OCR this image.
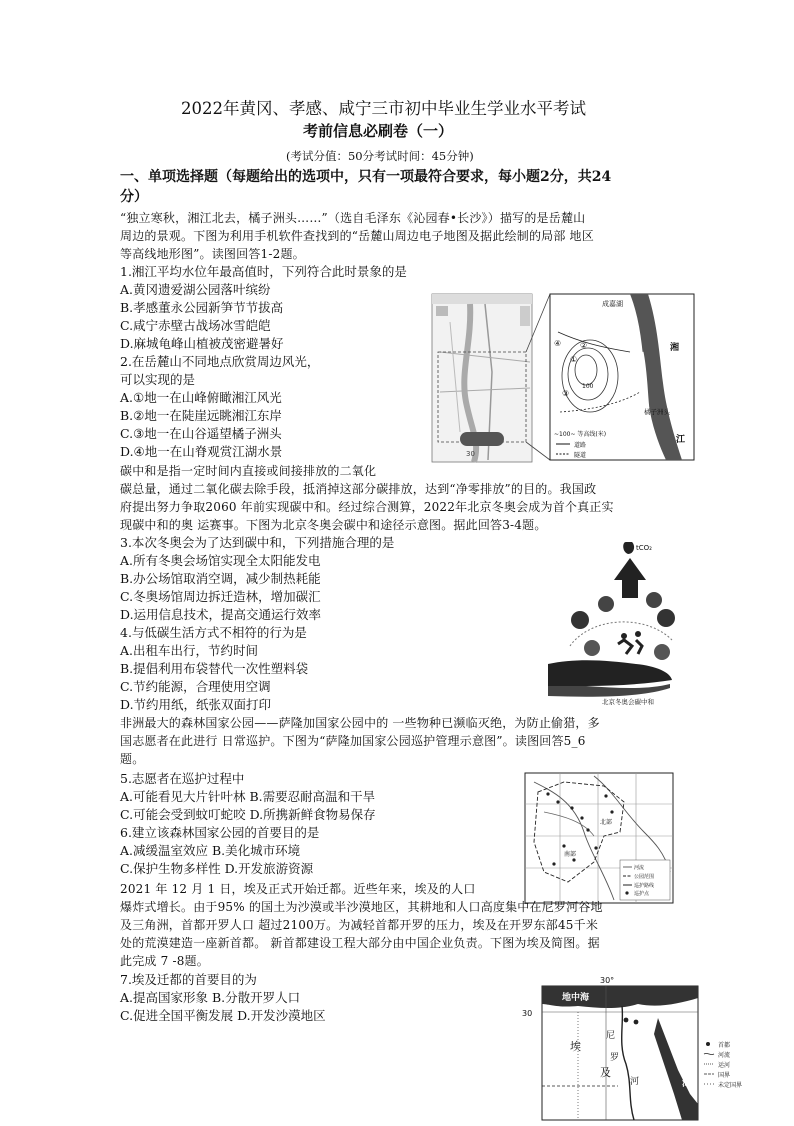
2022年黄冈、孝感、咸宁三市初中毕业生学业水平考试
考前信息必刷卷（一）
(考试分值：50分考试时间：45分钟)
一、单项选择题（每题给出的选项中，只有一项最符合要求，每小题2分，共24
分）
“独立寒秋，湘江北去，橘子洲头……”（选自毛泽东《沁园春•长沙》）描写的是岳麓山
周边的景观。下图为利用手机软件查找到的“岳麓山周边电子地图及据此绘制的局部 地区
等高线地形图”。读图回答1-2题。
1.湘江平均水位年最高值时，下列符合此时景象的是
A.黄冈遗爱湖公园落叶缤纷
B.孝感董永公园新笋节节拔高
C.咸宁赤壁古战场冰雪皑皑
D.麻城龟峰山植被茂密避暑好
2.在岳麓山不同地点欣赏周边风光，
可以实现的是
A.①地一在山峰俯瞰湘江风光
B.②地一在陡崖远眺湘江东岸
C.③地一在山谷遥望橘子洲头
D.④地一在山脊观赏江湖水景	30
成嘉湖
湘
江
橘子洲头
100
①
②
③
④
~100~ 等高线(米)
道路
隧道
碳中和是指一定时间内直接或间接排放的二氧化
碳总量，通过二氧化碳去除手段，抵消掉这部分碳排放，达到“净零排放”的目的。我国政
府提出努力争取2060 年前实现碳中和。经过综合测算，2022年北京冬奥会成为首个真正实
现碳中和的奥 运赛事。下图为北京冬奥会碳中和途径示意图。据此回答3-4题。
3.本次冬奥会为了达到碳中和，下列措施合理的是
A.所有冬奥会场馆实现全太阳能发电
B.办公场馆取消空调，减少制热耗能
C.冬奥场馆周边拆迁造林，增加碳汇
D.运用信息技术，提高交通运行效率
4.与低碳生活方式不相符的行为是
A.出租车出行，节约时间
B.提倡利用布袋替代一次性塑料袋
C.节约能源，合理使用空调
D.节约用纸，纸张双面打印
tCO₂
北京冬奥会碳中和
非洲最大的森林国家公园——萨隆加国家公园中的 一些物种已濒临灭绝，为防止偷猎，多
国志愿者在此进行 日常巡护。下图为“萨隆加国家公园巡护管理示意图”。读图回答5_6
题。
5.志愿者在巡护过程中
A.可能看见大片针叶林 B.需要忍耐高温和干旱
C.可能会受到蚊叮蛇咬 D.所携新鲜食物易保存
6.建立该森林国家公园的首要目的是
A.减缓温室效应 B.美化城市环境
C.保护生物多样性 D.开发旅游资源
北部
南部
河流
公园范围
巡护路线
巡护点
2021 年 12 月 1 日，埃及正式开始迁都。近些年来，埃及的人口
爆炸式增长。由于95% 的国土为沙漠或半沙漠地区，其耕地和人口高度集中在尼罗河谷地
及三角洲，首都开罗人口 超过2100万。为减轻首都开罗的压力，埃及在开罗东部45千米
处的荒漠建造一座新首都。 新首都建设工程大部分由中国企业负责。下图为埃及简图。据
此完成 7 -8题。
7.埃及迁都的首要目的为
A.提高国家形象 B.分散开罗人口
C.促进全国平衡发展 D.开发沙漠地区
30°
地中海
30
红
海
尼
罗
河
埃
及
首都
河流
运河
国界
未定国界
